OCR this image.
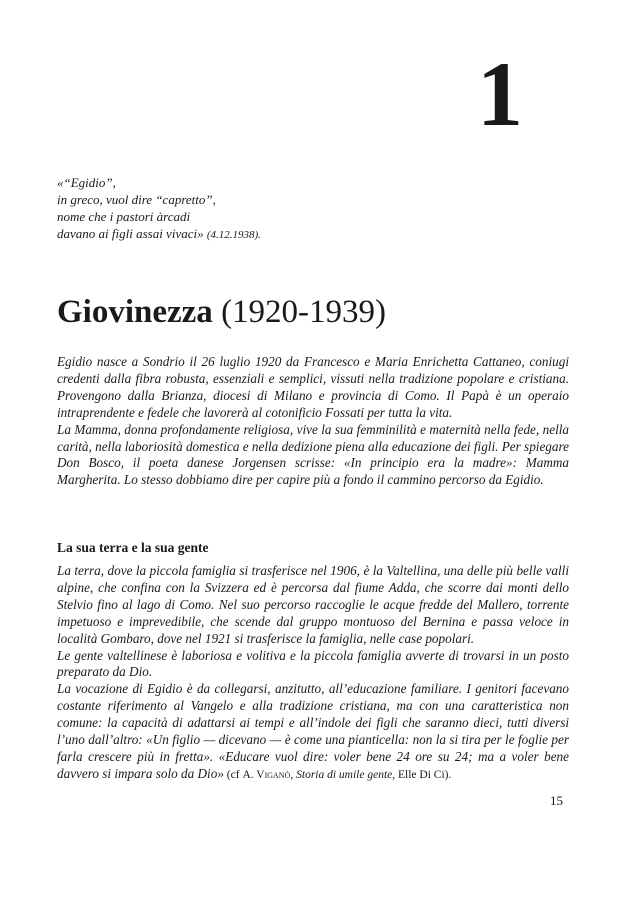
1
«“Egidio”,
in greco, vuol dire “capretto”,
nome che i pastori àrcadi
davano ai figli assai vivaci» (4.12.1938).
Giovinezza (1920-1939)

Egidio nasce a Sondrio il 26 luglio 1920 da Francesco e Maria Enrichetta Cattaneo, coniugi credenti dalla fibra robusta, essenziali e semplici, vissuti nella tradizione popolare e cristiana. Provengono dalla Brianza, diocesi di Milano e provincia di Como. Il Papà è un operaio intraprendente e fedele che lavorerà al cotonificio Fossati per tutta la vita.

La Mamma, donna profondamente religiosa, vive la sua femminilità e maternità nella fede, nella carità, nella laboriosità domestica e nella dedizione piena alla educazione dei figli. Per spiegare Don Bosco, il poeta danese Jorgensen scrisse: «In principio era la madre»: Mamma Margherita. Lo stesso dobbiamo dire per capire più a fondo il cammino percorso da Egidio.

La sua terra e la sua gente

La terra, dove la piccola famiglia si trasferisce nel 1906, è la Valtellina, una delle più belle valli alpine, che confina con la Svizzera ed è percorsa dal fiume Adda, che scorre dai monti dello Stelvio fino al lago di Como. Nel suo percorso raccoglie le acque fredde del Mallero, torrente impetuoso e imprevedibile, che scende dal gruppo montuoso del Bernina e passa veloce in località Gombaro, dove nel 1921 si trasferisce la famiglia, nelle case popolari.

Le gente valtellinese è laboriosa e volitiva e la piccola famiglia avverte di trovarsi in un posto preparato da Dio.

La vocazione di Egidio è da collegarsi, anzitutto, all’educazione familiare. I genitori facevano costante riferimento al Vangelo e alla tradizione cristiana, ma con una caratteristica non comune: la capacità di adattarsi ai tempi e all’indole dei figli che saranno dieci, tutti diversi l’uno dall’altro: «Un figlio — dicevano — è come una pianticella: non la si tira per le foglie per farla crescere più in fretta». «Educare vuol dire: voler bene 24 ore su 24; ma a voler bene davvero si impara solo da Dio» (cf A. Viganò, Storia di umile gente, Elle Di Ci).

15
